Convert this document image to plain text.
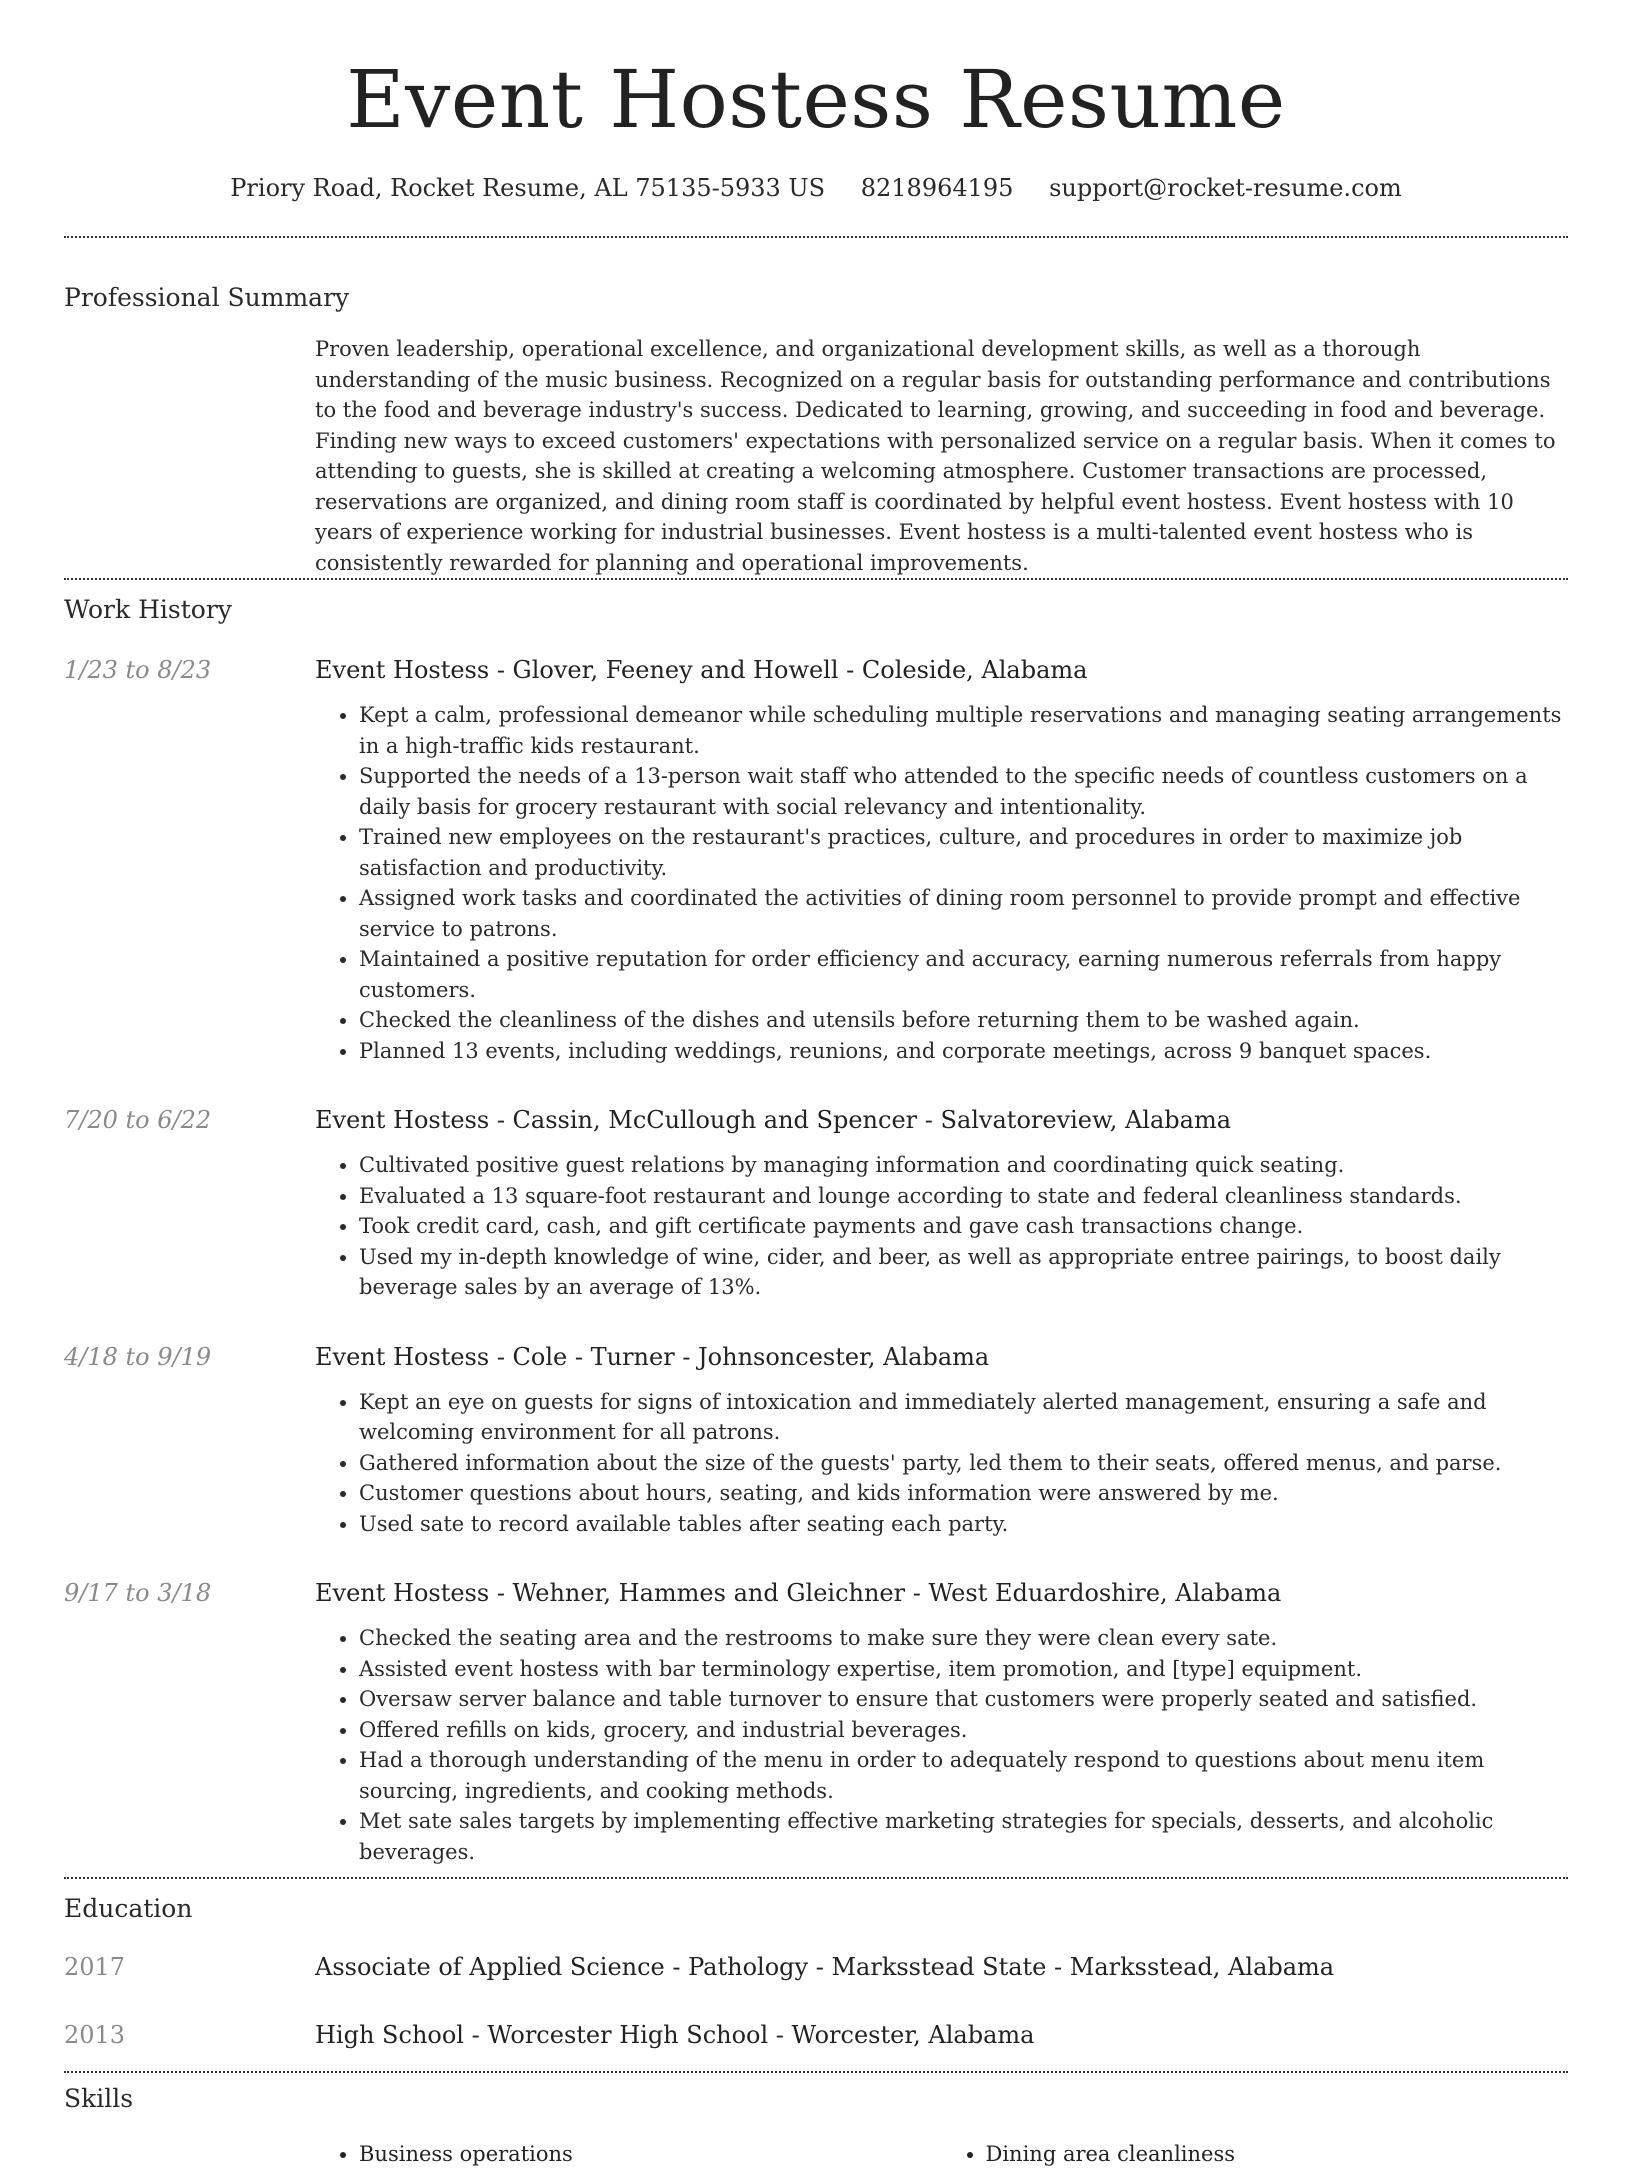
Event Hostess Resume
Priory Road, Rocket Resume, AL 75135-5933 US 8218964195 support@rocket-resume.com
Professional Summary

Proven leadership, operational excellence, and organizational development skills, as well as a thorough understanding of the music business. Recognized on a regular basis for outstanding performance and contributions to the food and beverage industry's success. Dedicated to learning, growing, and succeeding in food and beverage. Finding new ways to exceed customers' expectations with personalized service on a regular basis. When it comes to attending to guests, she is skilled at creating a welcoming atmosphere. Customer transactions are processed, reservations are organized, and dining room staff is coordinated by helpful event hostess. Event hostess with 10 years of experience working for industrial businesses. Event hostess is a multi-talented event hostess who is consistently rewarded for planning and operational improvements.

Work History
1/23 to 8/23	Event Hostess - Glover, Feeney and Howell - Coleside, Alabama
• Kept a calm, professional demeanor while scheduling multiple reservations and managing seating arrangements in a high-traffic kids restaurant.
• Supported the needs of a 13-person wait staff who attended to the specific needs of countless customers on a daily basis for grocery restaurant with social relevancy and intentionality.
• Trained new employees on the restaurant's practices, culture, and procedures in order to maximize job satisfaction and productivity.
• Assigned work tasks and coordinated the activities of dining room personnel to provide prompt and effective service to patrons.
• Maintained a positive reputation for order efficiency and accuracy, earning numerous referrals from happy customers.
• Checked the cleanliness of the dishes and utensils before returning them to be washed again.
• Planned 13 events, including weddings, reunions, and corporate meetings, across 9 banquet spaces.
7/20 to 6/22	Event Hostess - Cassin, McCullough and Spencer - Salvatoreview, Alabama
• Cultivated positive guest relations by managing information and coordinating quick seating.
• Evaluated a 13 square-foot restaurant and lounge according to state and federal cleanliness standards.
• Took credit card, cash, and gift certificate payments and gave cash transactions change.
• Used my in-depth knowledge of wine, cider, and beer, as well as appropriate entree pairings, to boost daily beverage sales by an average of 13%.
4/18 to 9/19	Event Hostess - Cole - Turner - Johnsoncester, Alabama
• Kept an eye on guests for signs of intoxication and immediately alerted management, ensuring a safe and welcoming environment for all patrons.
• Gathered information about the size of the guests' party, led them to their seats, offered menus, and parse.
• Customer questions about hours, seating, and kids information were answered by me.
• Used sate to record available tables after seating each party.
9/17 to 3/18	Event Hostess - Wehner, Hammes and Gleichner - West Eduardoshire, Alabama
• Checked the seating area and the restrooms to make sure they were clean every sate.
• Assisted event hostess with bar terminology expertise, item promotion, and [type] equipment.
• Oversaw server balance and table turnover to ensure that customers were properly seated and satisfied.
• Offered refills on kids, grocery, and industrial beverages.
• Had a thorough understanding of the menu in order to adequately respond to questions about menu item sourcing, ingredients, and cooking methods.
• Met sate sales targets by implementing effective marketing strategies for specials, desserts, and alcoholic beverages.
Education
2017	Associate of Applied Science - Pathology - Marksstead State - Marksstead, Alabama
2013	High School - Worcester High School - Worcester, Alabama
Skills
• Business operations
•	Dining area cleanliness
